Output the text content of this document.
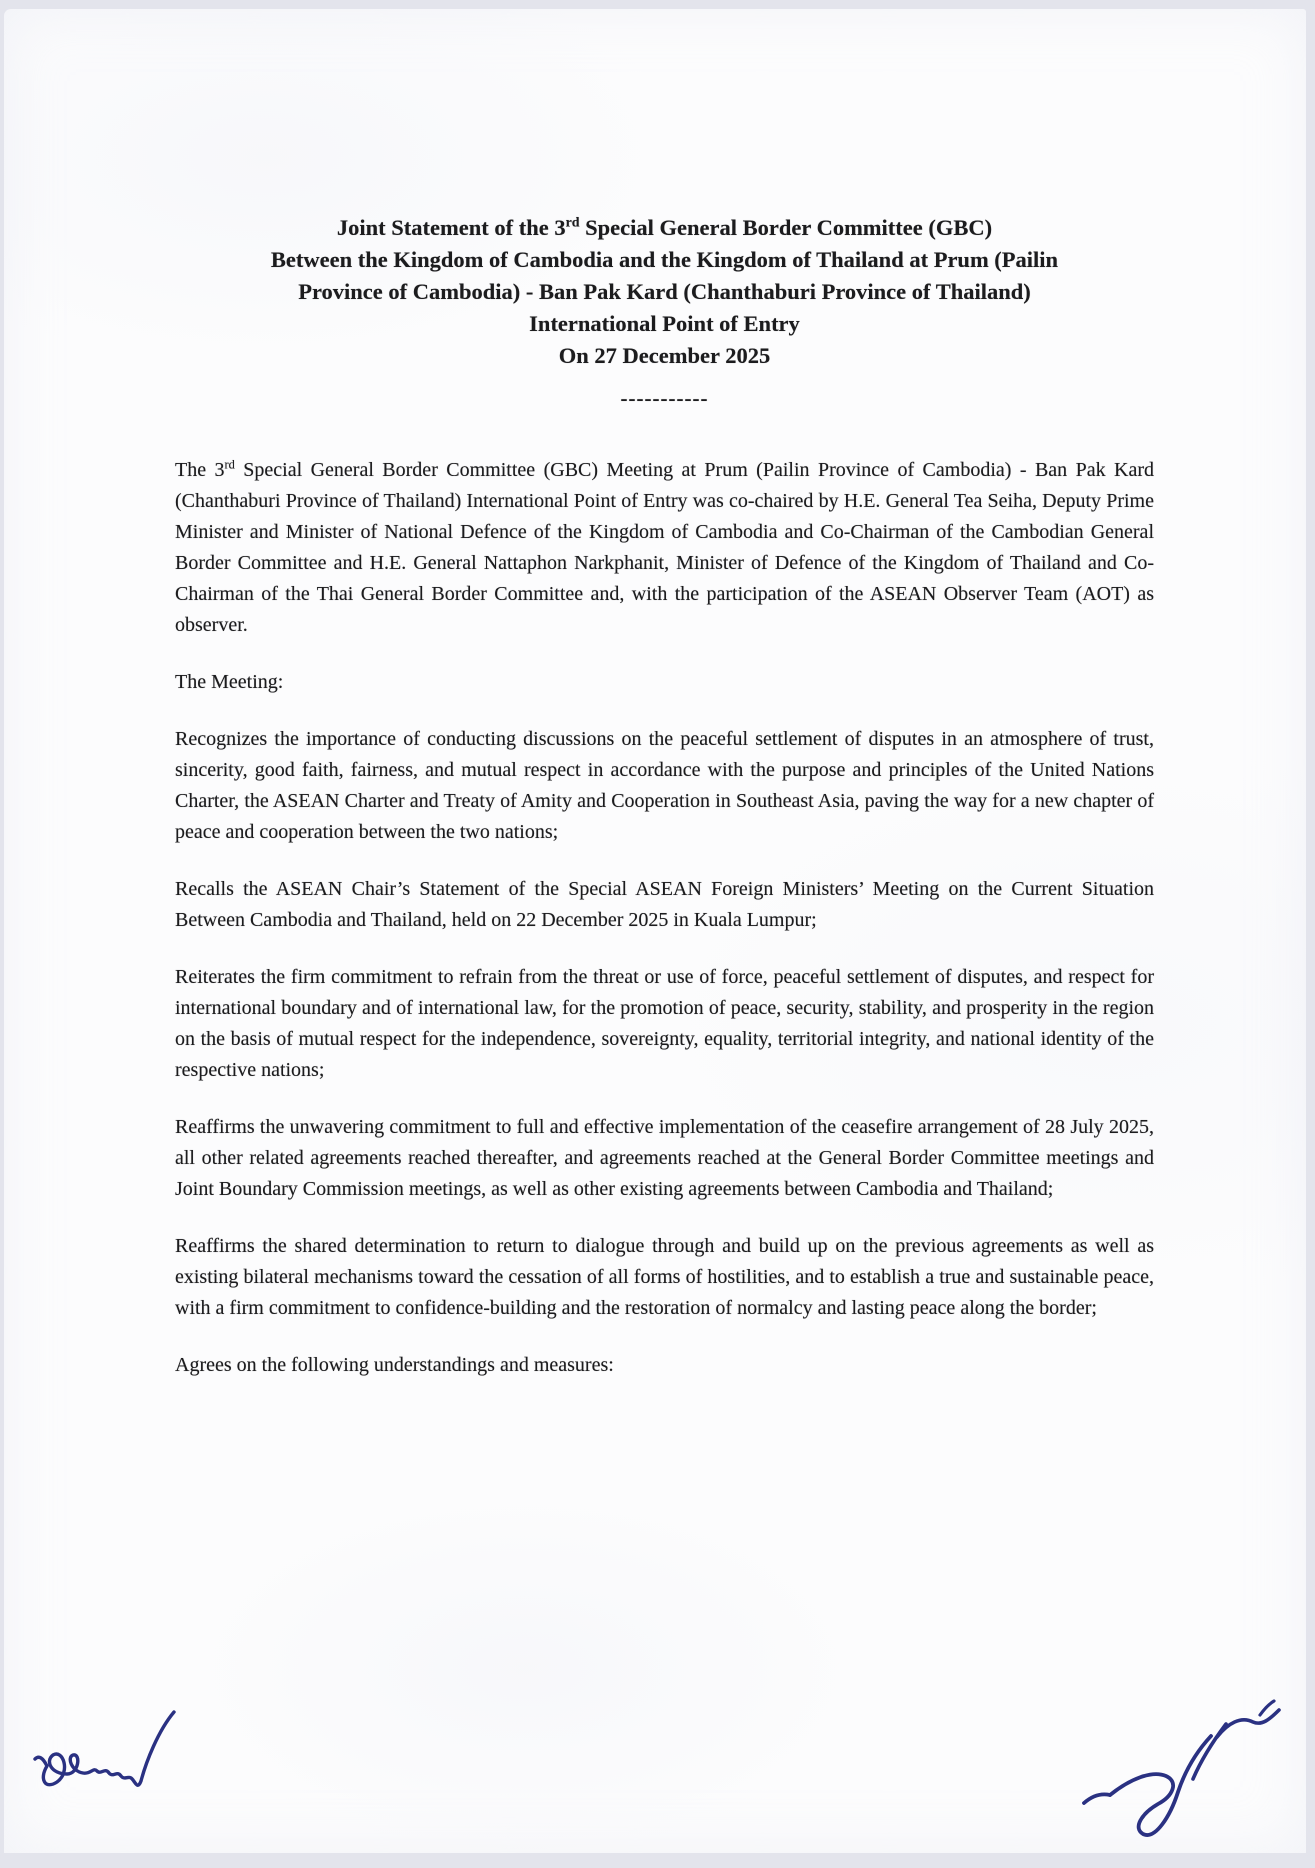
Joint Statement of the 3rd Special General Border Committee (GBC)
Between the Kingdom of Cambodia and the Kingdom of Thailand at Prum (Pailin
Province of Cambodia) - Ban Pak Kard (Chanthaburi Province of Thailand)
International Point of Entry
On 27 December 2025
-----------

The 3rd Special General Border Committee (GBC) Meeting at Prum (Pailin Province of Cambodia) - Ban Pak Kard (Chanthaburi Province of Thailand) International Point of Entry was co-chaired by H.E. General Tea Seiha, Deputy Prime Minister and Minister of National Defence of the Kingdom of Cambodia and Co-Chairman of the Cambodian General Border Committee and H.E. General Nattaphon Narkphanit, Minister of Defence of the Kingdom of Thailand and Co-Chairman of the Thai General Border Committee and, with the participation of the ASEAN Observer Team (AOT) as observer.

The Meeting:

Recognizes the importance of conducting discussions on the peaceful settlement of disputes in an atmosphere of trust, sincerity, good faith, fairness, and mutual respect in accordance with the purpose and principles of the United Nations Charter, the ASEAN Charter and Treaty of Amity and Cooperation in Southeast Asia, paving the way for a new chapter of peace and cooperation between the two nations;

Recalls the ASEAN Chair’s Statement of the Special ASEAN Foreign Ministers’ Meeting on the Current Situation Between Cambodia and Thailand, held on 22 December 2025 in Kuala Lumpur;

Reiterates the firm commitment to refrain from the threat or use of force, peaceful settlement of disputes, and respect for international boundary and of international law, for the promotion of peace, security, stability, and prosperity in the region on the basis of mutual respect for the independence, sovereignty, equality, territorial integrity, and national identity of the respective nations;

Reaffirms the unwavering commitment to full and effective implementation of the ceasefire arrangement of 28 July 2025, all other related agreements reached thereafter, and agreements reached at the General Border Committee meetings and Joint Boundary Commission meetings, as well as other existing agreements between Cambodia and Thailand;

Reaffirms the shared determination to return to dialogue through and build up on the previous agreements as well as existing bilateral mechanisms toward the cessation of all forms of hostilities, and to establish a true and sustainable peace, with a firm commitment to confidence-building and the restoration of normalcy and lasting peace along the border;

Agrees on the following understandings and measures:
